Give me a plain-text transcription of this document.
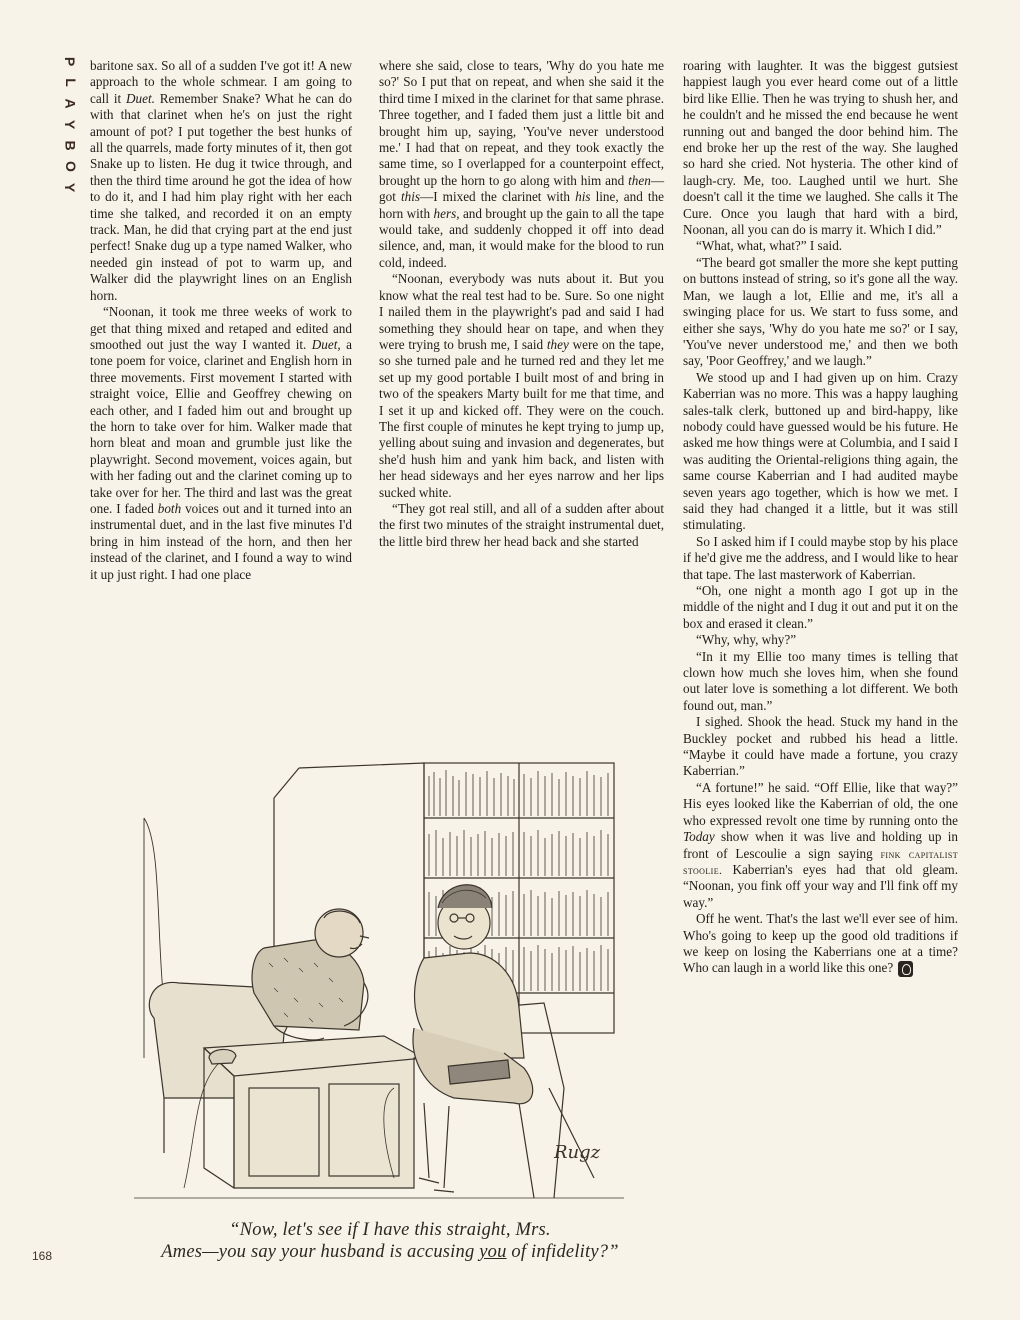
P
L
A
Y
B
O
Y

baritone sax. So all of a sudden I've got it! A new approach to the whole schmear. I am going to call it Duet. Remember Snake? What he can do with that clarinet when he's on just the right amount of pot? I put together the best hunks of all the quarrels, made forty minutes of it, then got Snake up to listen. He dug it twice through, and then the third time around he got the idea of how to do it, and I had him play right with her each time she talked, and recorded it on an empty track. Man, he did that crying part at the end just perfect! Snake dug up a type named Walker, who needed gin instead of pot to warm up, and Walker did the playwright lines on an English horn.

“Noonan, it took me three weeks of work to get that thing mixed and retaped and edited and smoothed out just the way I wanted it. Duet, a tone poem for voice, clarinet and English horn in three movements. First movement I started with straight voice, Ellie and Geoffrey chewing on each other, and I faded him out and brought up the horn to take over for him. Walker made that horn bleat and moan and grumble just like the playwright. Second movement, voices again, but with her fading out and the clarinet coming up to take over for her. The third and last was the great one. I faded both voices out and it turned into an instrumental duet, and in the last five minutes I'd bring in him instead of the horn, and then her instead of the clarinet, and I found a way to wind it up just right. I had one place

where she said, close to tears, 'Why do you hate me so?' So I put that on repeat, and when she said it the third time I mixed in the clarinet for that same phrase. Three together, and I faded them just a little bit and brought him up, saying, 'You've never understood me.' I had that on repeat, and they took exactly the same time, so I overlapped for a counterpoint effect, brought up the horn to go along with him and then—got this—I mixed the clarinet with his line, and the horn with hers, and brought up the gain to all the tape would take, and suddenly chopped it off into dead silence, and, man, it would make for the blood to run cold, indeed.

“Noonan, everybody was nuts about it. But you know what the real test had to be. Sure. So one night I nailed them in the playwright's pad and said I had something they should hear on tape, and when they were trying to brush me, I said they were on the tape, so she turned pale and he turned red and they let me set up my good portable I built most of and bring in two of the speakers Marty built for me that time, and I set it up and kicked off. They were on the couch. The first couple of minutes he kept trying to jump up, yelling about suing and invasion and degenerates, but she'd hush him and yank him back, and listen with her head sideways and her eyes narrow and her lips sucked white.

“They got real still, and all of a sudden after about the first two minutes of the straight instrumental duet, the little bird threw her head back and she started

roaring with laughter. It was the biggest gutsiest happiest laugh you ever heard come out of a little bird like Ellie. Then he was trying to shush her, and he couldn't and he missed the end because he went running out and banged the door behind him. The end broke her up the rest of the way. She laughed so hard she cried. Not hysteria. The other kind of laugh-cry. Me, too. Laughed until we hurt. She doesn't call it the time we laughed. She calls it The Cure. Once you laugh that hard with a bird, Noonan, all you can do is marry it. Which I did.”

“What, what, what?” I said.

“The beard got smaller the more she kept putting on buttons instead of string, so it's gone all the way. Man, we laugh a lot, Ellie and me, it's all a swinging place for us. We start to fuss some, and either she says, 'Why do you hate me so?' or I say, 'You've never understood me,' and then we both say, 'Poor Geoffrey,' and we laugh.”

We stood up and I had given up on him. Crazy Kaberrian was no more. This was a happy laughing sales-talk clerk, buttoned up and bird-happy, like nobody could have guessed would be his future. He asked me how things were at Columbia, and I said I was auditing the Oriental-religions thing again, the same course Kaberrian and I had audited maybe seven years ago together, which is how we met. I said they had changed it a little, but it was still stimulating.

So I asked him if I could maybe stop by his place if he'd give me the address, and I would like to hear that tape. The last masterwork of Kaberrian.

“Oh, one night a month ago I got up in the middle of the night and I dug it out and put it on the box and erased it clean.”

“Why, why, why?”

“In it my Ellie too many times is telling that clown how much she loves him, when she found out later love is something a lot different. We both found out, man.”

I sighed. Shook the head. Stuck my hand in the Buckley pocket and rubbed his head a little. “Maybe it could have made a fortune, you crazy Kaberrian.”

“A fortune!” he said. “Off Ellie, like that way?” His eyes looked like the Kaberrian of old, the one who expressed revolt one time by running onto the Today show when it was live and holding up in front of Lescoulie a sign saying fink capitalist stoolie. Kaberrian's eyes had that old gleam. “Noonan, you fink off your way and I'll fink off my way.”

Off he went. That's the last we'll ever see of him. Who's going to keep up the good old traditions if we keep on losing the Kaberrians one at a time? Who can laugh in a world like this one?

Rugz
“Now, let's see if I have this straight, Mrs.
Ames—you say your husband is accusing you of infidelity?”
168
